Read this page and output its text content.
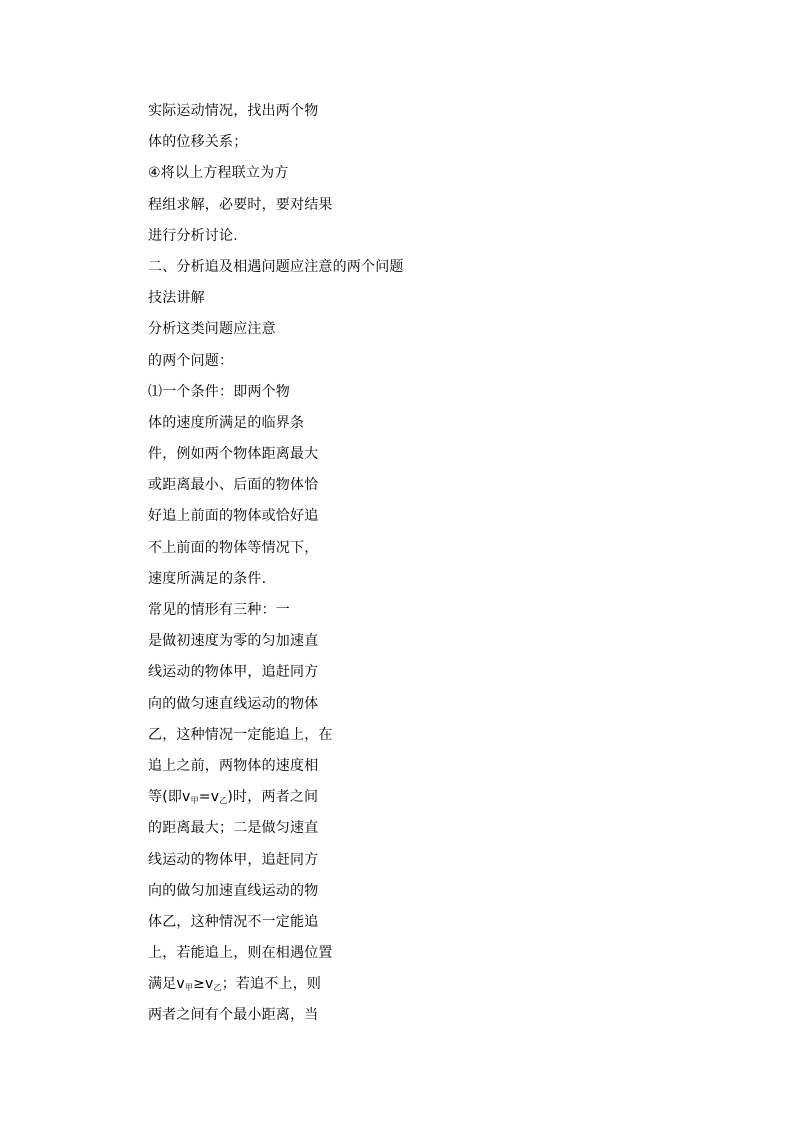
实际运动情况，找出两个物
体的位移关系；
④将以上方程联立为方
程组求解，必要时，要对结果
进行分析讨论.
二、分析追及相遇问题应注意的两个问题
技法讲解
分析这类问题应注意
的两个问题：
⑴一个条件：即两个物
体的速度所满足的临界条
件，例如两个物体距离最大
或距离最小、后面的物体恰
好追上前面的物体或恰好追
不上前面的物体等情况下，
速度所满足的条件.
常见的情形有三种：一
是做初速度为零的匀加速直
线运动的物体甲，追赶同方
向的做匀速直线运动的物体
乙，这种情况一定能追上，在
追上之前，两物体的速度相
等(即$v_甲=v_乙$)时，两者之间
的距离最大；二是做匀速直
线运动的物体甲，追赶同方
向的做匀加速直线运动的物
体乙，这种情况不一定能追
上，若能追上，则在相遇位置
满足$v_甲\ge v_乙$；若追不上，则
两者之间有个最小距离，当
